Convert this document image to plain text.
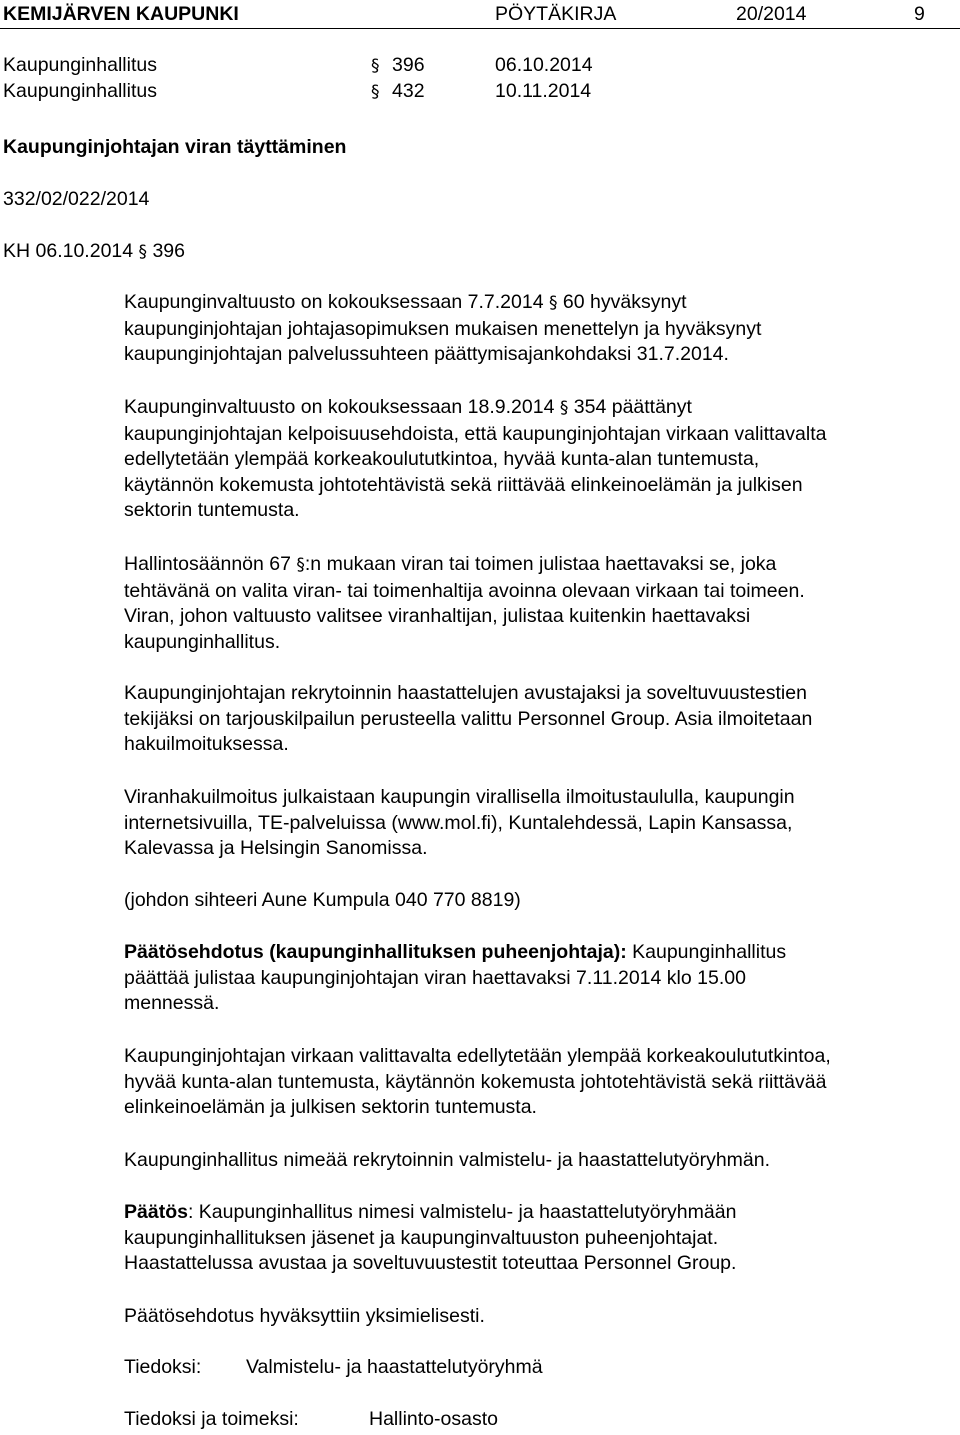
KEMIJÄRVEN KAUPUNKI	PÖYTÄKIRJA	20/2014	9
Kaupunginhallitus	§ 396	06.10.2014
Kaupunginhallitus	§ 432	10.11.2014
Kaupunginjohtajan viran täyttäminen
332/02/022/2014
KH 06.10.2014 § 396

Kaupunginvaltuusto on kokouksessaan 7.7.2014 § 60 hyväksynyt

kaupunginjohtajan johtajasopimuksen mukaisen menettelyn ja hyväksynyt

kaupunginjohtajan palvelussuhteen päättymisajankohdaksi 31.7.2014.

Kaupunginvaltuusto on kokouksessaan 18.9.2014 § 354 päättänyt

kaupunginjohtajan kelpoisuusehdoista, että kaupunginjohtajan virkaan valittavalta

edellytetään ylempää korkeakoulututkintoa, hyvää kunta-alan tuntemusta,

käytännön kokemusta johtotehtävistä sekä riittävää elinkeinoelämän ja julkisen

sektorin tuntemusta.

Hallintosäännön 67 §:n mukaan viran tai toimen julistaa haettavaksi se, joka

tehtävänä on valita viran- tai toimenhaltija avoinna olevaan virkaan tai toimeen.

Viran, johon valtuusto valitsee viranhaltijan, julistaa kuitenkin haettavaksi

kaupunginhallitus.

Kaupunginjohtajan rekrytoinnin haastattelujen avustajaksi ja soveltuvuustestien

tekijäksi on tarjouskilpailun perusteella valittu Personnel Group. Asia ilmoitetaan

hakuilmoituksessa.

Viranhakuilmoitus julkaistaan kaupungin virallisella ilmoitustaululla, kaupungin

internetsivuilla, TE-palveluissa (www.mol.fi), Kuntalehdessä, Lapin Kansassa,

Kalevassa ja Helsingin Sanomissa.

(johdon sihteeri Aune Kumpula 040 770 8819)

Päätösehdotus (kaupunginhallituksen puheenjohtaja): Kaupunginhallitus

päättää julistaa kaupunginjohtajan viran haettavaksi 7.11.2014 klo 15.00

mennessä.

Kaupunginjohtajan virkaan valittavalta edellytetään ylempää korkeakoulututkintoa,

hyvää kunta-alan tuntemusta, käytännön kokemusta johtotehtävistä sekä riittävää

elinkeinoelämän ja julkisen sektorin tuntemusta.

Kaupunginhallitus nimeää rekrytoinnin valmistelu- ja haastattelutyöryhmän.

Päätös: Kaupunginhallitus nimesi valmistelu- ja haastattelutyöryhmään

kaupunginhallituksen jäsenet ja kaupunginvaltuuston puheenjohtajat.

Haastattelussa avustaa ja soveltuvuustestit toteuttaa Personnel Group.

Päätösehdotus hyväksyttiin yksimielisesti.

Tiedoksi: Valmistelu- ja haastattelutyöryhmä
Tiedoksi ja toimeksi:	Hallinto-osasto
